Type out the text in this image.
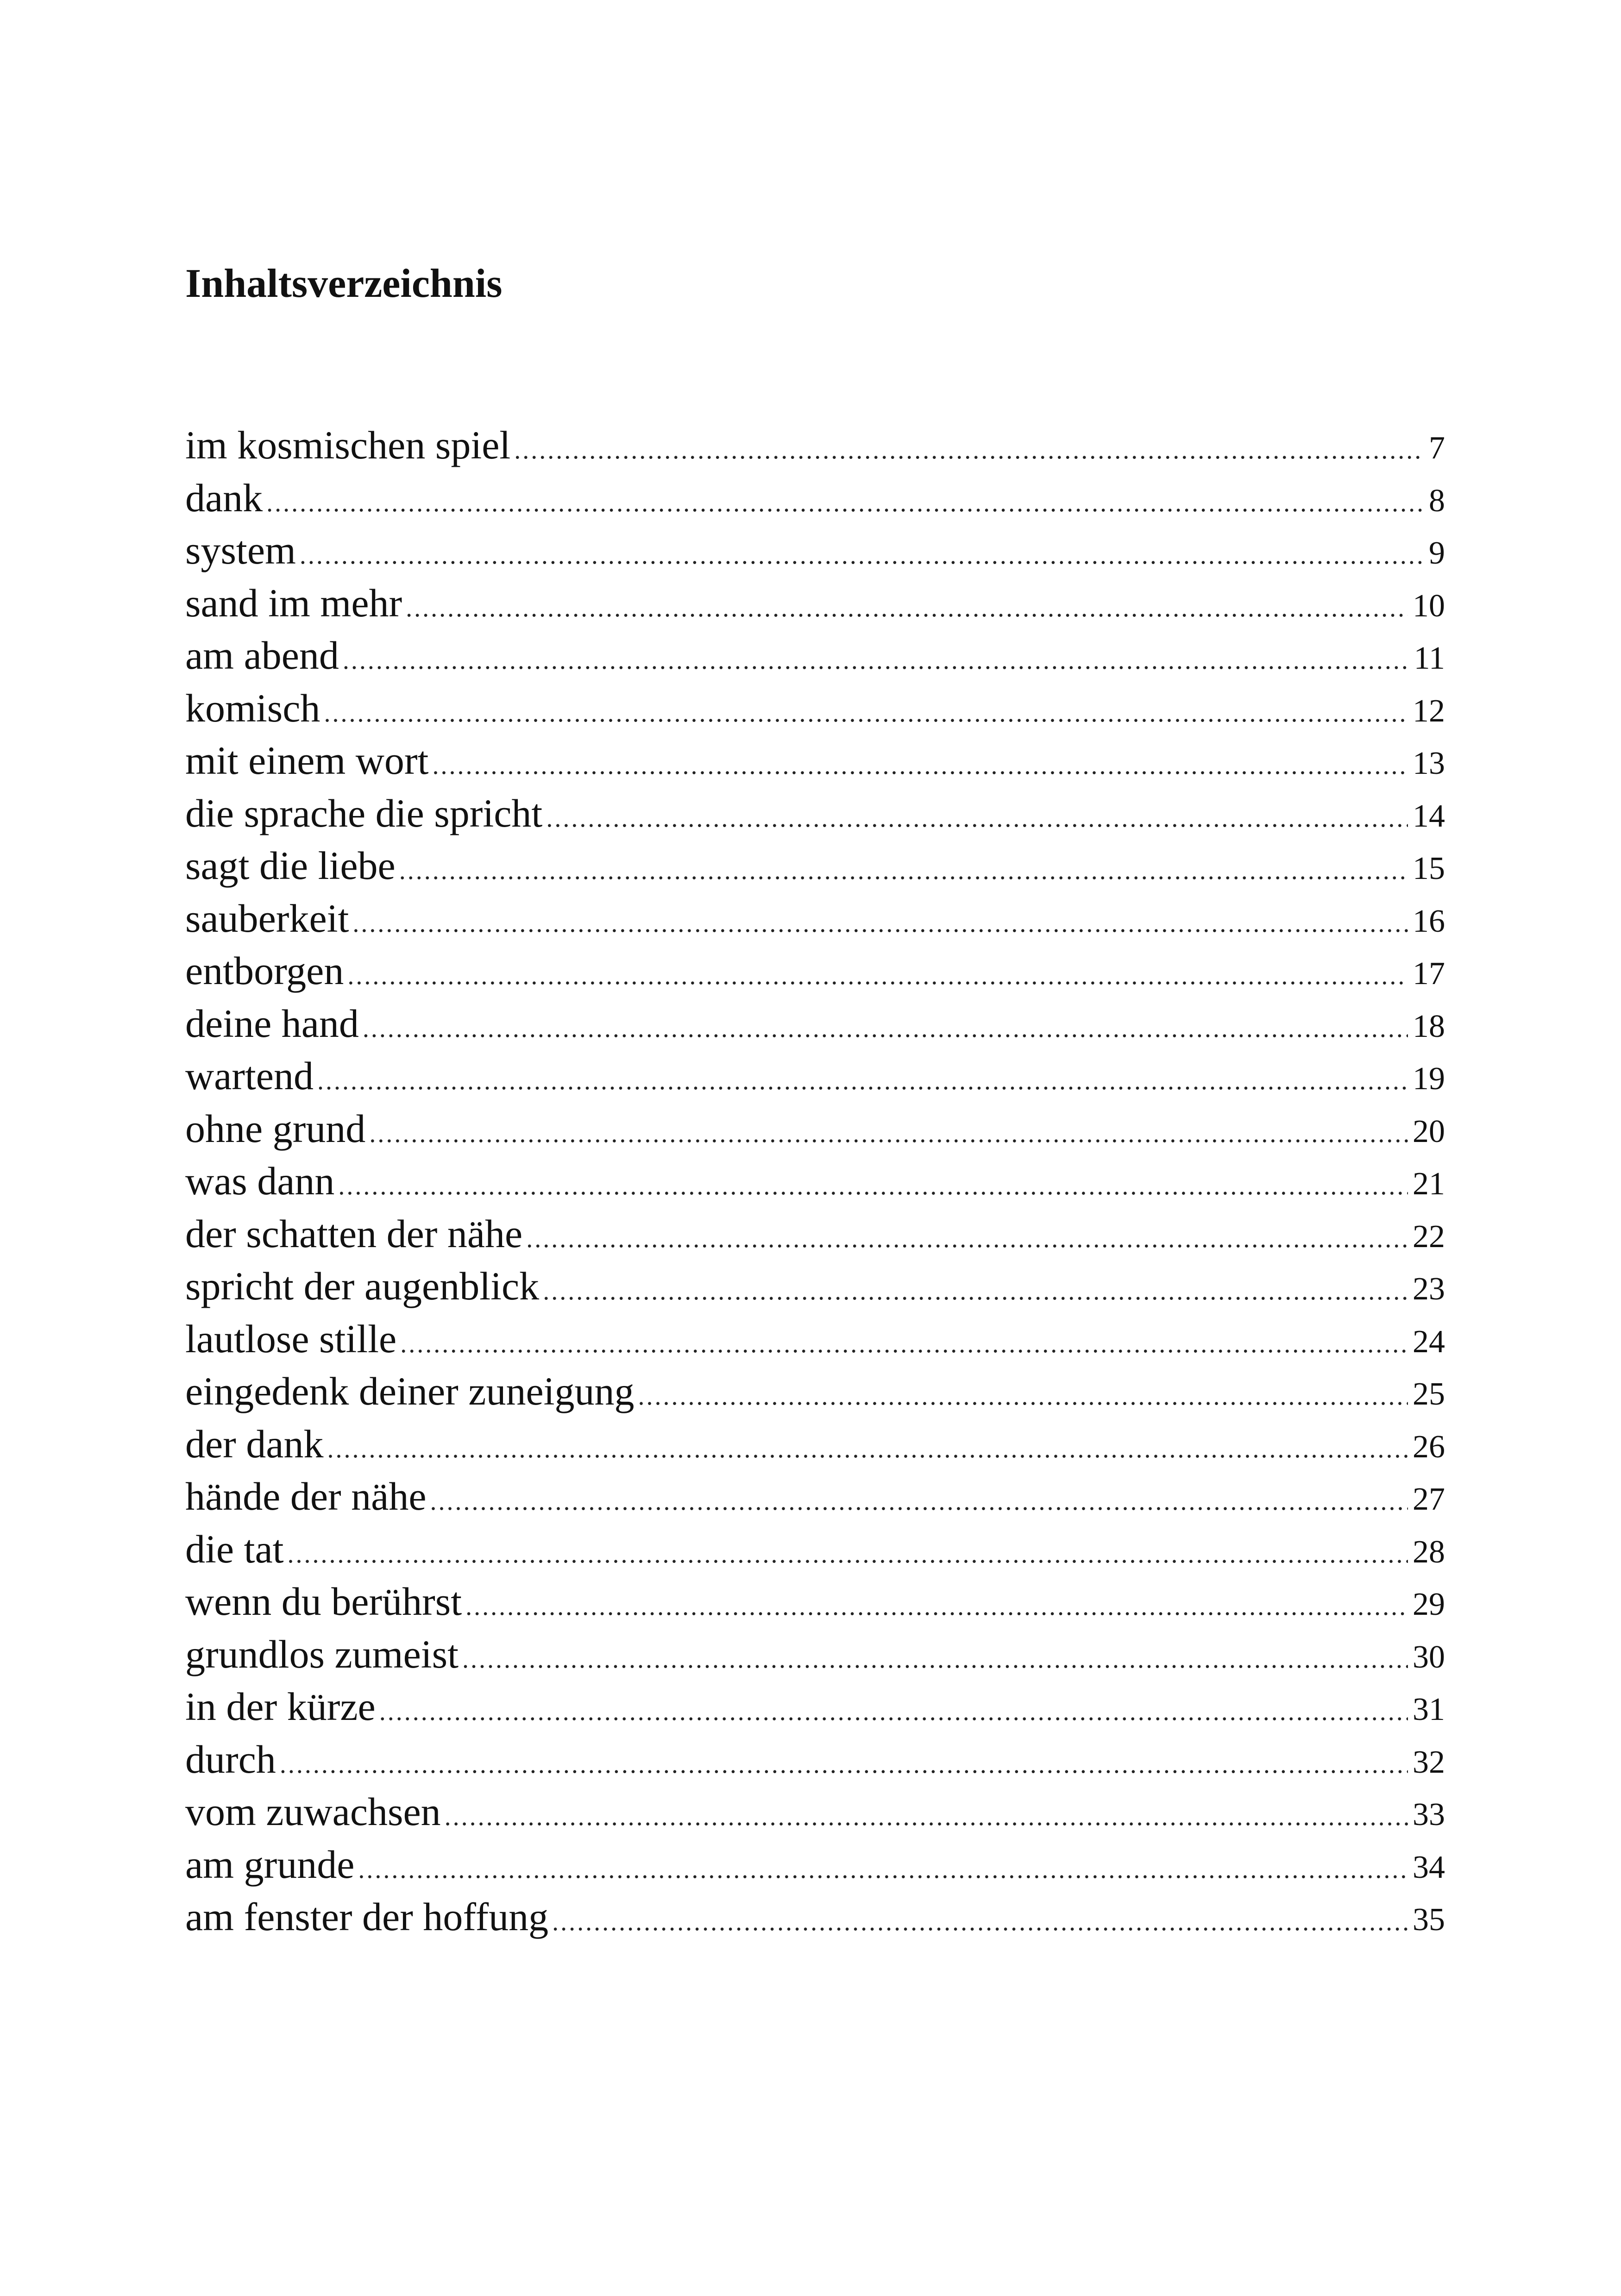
Inhaltsverzeichnis
im kosmischen spiel .....	7
dank .....	8
system .....	9
sand im mehr .....	10
am abend .....	11
komisch .....	12
mit einem wort .....	13
die sprache die spricht .....	14
sagt die liebe .....	15
sauberkeit .....	16
entborgen .....	17
deine hand .....	18
wartend .....	19
ohne grund .....	20
was dann .....	21
der schatten der nähe .....	22
spricht der augenblick .....	23
lautlose stille .....	24
eingedenk deiner zuneigung .....	25
der dank .....	26
hände der nähe .....	27
die tat .....	28
wenn du berührst .....	29
grundlos zumeist .....	30
in der kürze .....	31
durch .....	32
vom zuwachsen .....	33
am grunde .....	34
am fenster der hoffung .....	35
